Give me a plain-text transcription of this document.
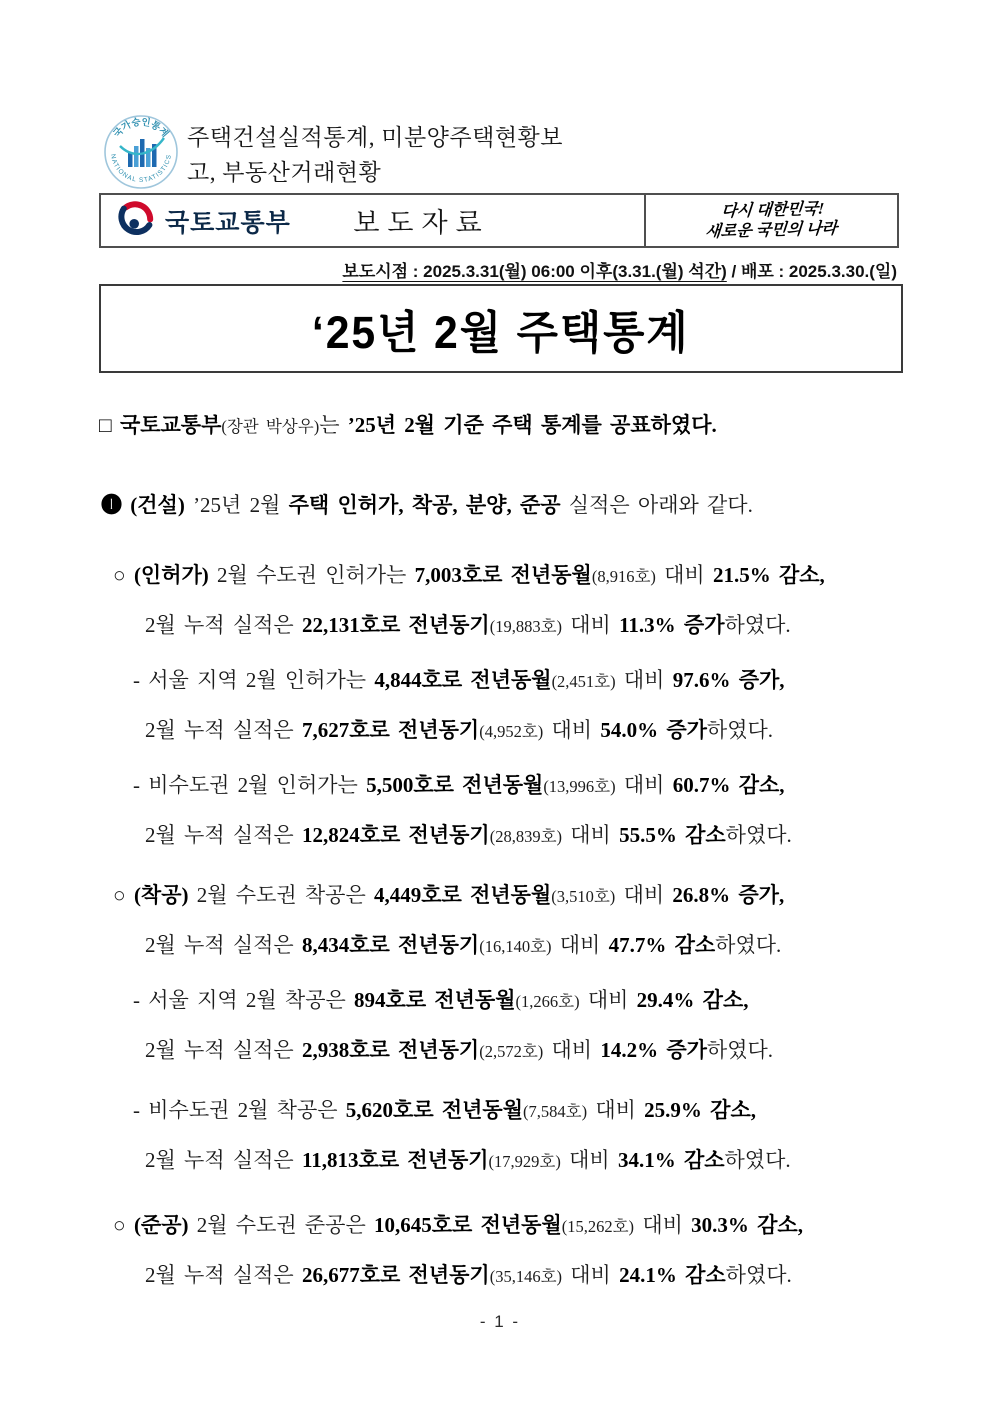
국가승인통계
NATIONAL STATISTICS
주택건설실적통계, 미분양주택현황보고, 부동산거래현황
국토교통부	보도자료	다시 대한민국!
새로운 국민의 나라
보도시점 : 2025.3.31(월) 06:00 이후(3.31.(월) 석간) / 배포 : 2025.3.30.(일)
‘25년 2월 주택통계
□ 국토교통부(장관 박상우)는 ’25년 2월 기준 주택 통계를 공표하였다.
❶ (건설) ’25년 2월 주택 인허가, 착공, 분양, 준공 실적은 아래와 같다.
○ (인허가) 2월 수도권 인허가는 7,003호로 전년동월(8,916호) 대비 21.5% 감소,
2월 누적 실적은 22,131호로 전년동기(19,883호) 대비 11.3% 증가하였다.
- 서울 지역 2월 인허가는 4,844호로 전년동월(2,451호) 대비 97.6% 증가,
2월 누적 실적은 7,627호로 전년동기(4,952호) 대비 54.0% 증가하였다.
- 비수도권 2월 인허가는 5,500호로 전년동월(13,996호) 대비 60.7% 감소,
2월 누적 실적은 12,824호로 전년동기(28,839호) 대비 55.5% 감소하였다.
○ (착공) 2월 수도권 착공은 4,449호로 전년동월(3,510호) 대비 26.8% 증가,
2월 누적 실적은 8,434호로 전년동기(16,140호) 대비 47.7% 감소하였다.
- 서울 지역 2월 착공은 894호로 전년동월(1,266호) 대비 29.4% 감소,
2월 누적 실적은 2,938호로 전년동기(2,572호) 대비 14.2% 증가하였다.
- 비수도권 2월 착공은 5,620호로 전년동월(7,584호) 대비 25.9% 감소,
2월 누적 실적은 11,813호로 전년동기(17,929호) 대비 34.1% 감소하였다.
○ (준공) 2월 수도권 준공은 10,645호로 전년동월(15,262호) 대비 30.3% 감소,
2월 누적 실적은 26,677호로 전년동기(35,146호) 대비 24.1% 감소하였다.
- 1 -
